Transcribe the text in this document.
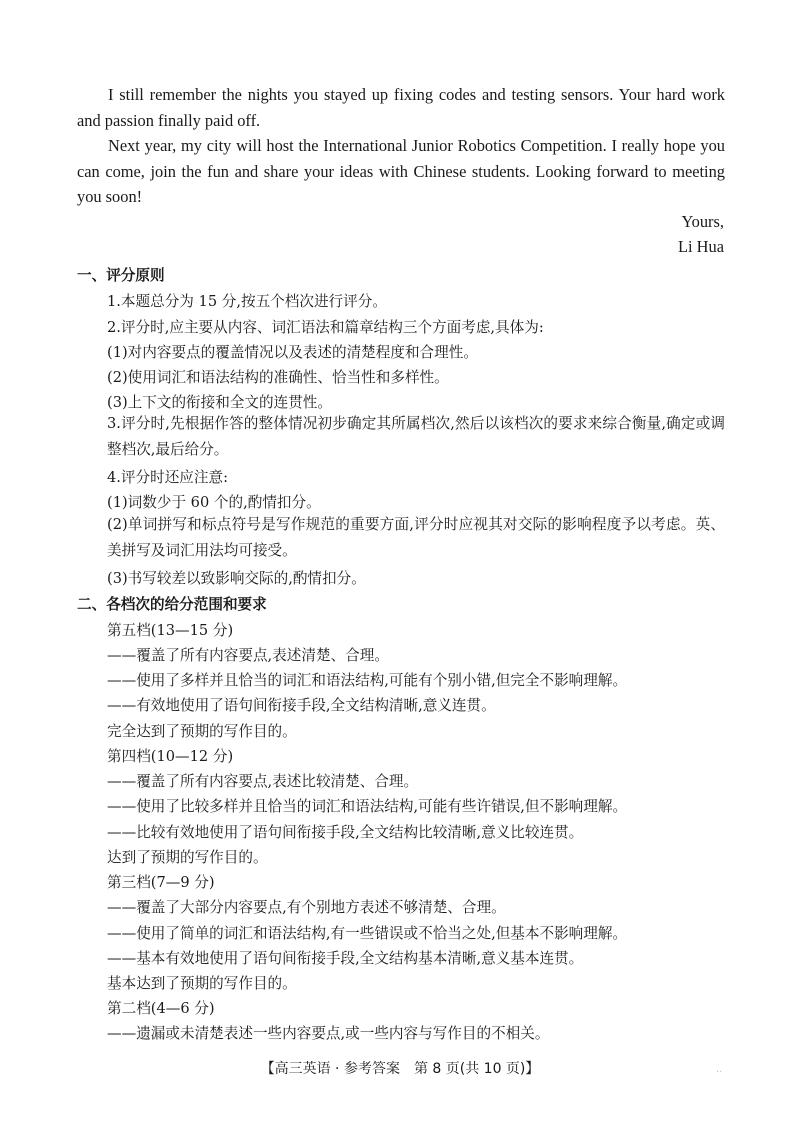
I still remember the nights you stayed up fixing codes and testing sensors. Your hard work and passion finally paid off.

Next year, my city will host the International Junior Robotics Competition. I really hope you can come, join the fun and share your ideas with Chinese students. Looking forward to meeting you soon!

Yours,
Li Hua
一、评分原则
1.本题总分为 15 分,按五个档次进行评分。
2.评分时,应主要从内容、词汇语法和篇章结构三个方面考虑,具体为:
(1)对内容要点的覆盖情况以及表述的清楚程度和合理性。
(2)使用词汇和语法结构的准确性、恰当性和多样性。
(3)上下文的衔接和全文的连贯性。
3.评分时,先根据作答的整体情况初步确定其所属档次,然后以该档次的要求来综合衡量,确定或调整档次,最后给分。
4.评分时还应注意:
(1)词数少于 60 个的,酌情扣分。
(2)单词拼写和标点符号是写作规范的重要方面,评分时应视其对交际的影响程度予以考虑。英、美拼写及词汇用法均可接受。
(3)书写较差以致影响交际的,酌情扣分。
二、各档次的给分范围和要求
第五档(13—15 分)
——覆盖了所有内容要点,表述清楚、合理。
——使用了多样并且恰当的词汇和语法结构,可能有个别小错,但完全不影响理解。
——有效地使用了语句间衔接手段,全文结构清晰,意义连贯。
完全达到了预期的写作目的。
第四档(10—12 分)
——覆盖了所有内容要点,表述比较清楚、合理。
——使用了比较多样并且恰当的词汇和语法结构,可能有些许错误,但不影响理解。
——比较有效地使用了语句间衔接手段,全文结构比较清晰,意义比较连贯。
达到了预期的写作目的。
第三档(7—9 分)
——覆盖了大部分内容要点,有个别地方表述不够清楚、合理。
——使用了简单的词汇和语法结构,有一些错误或不恰当之处,但基本不影响理解。
——基本有效地使用了语句间衔接手段,全文结构基本清晰,意义基本连贯。
基本达到了预期的写作目的。
第二档(4—6 分)
——遗漏或未清楚表述一些内容要点,或一些内容与写作目的不相关。
【高三英语 · 参考答案　第 8 页(共 10 页)】	..
